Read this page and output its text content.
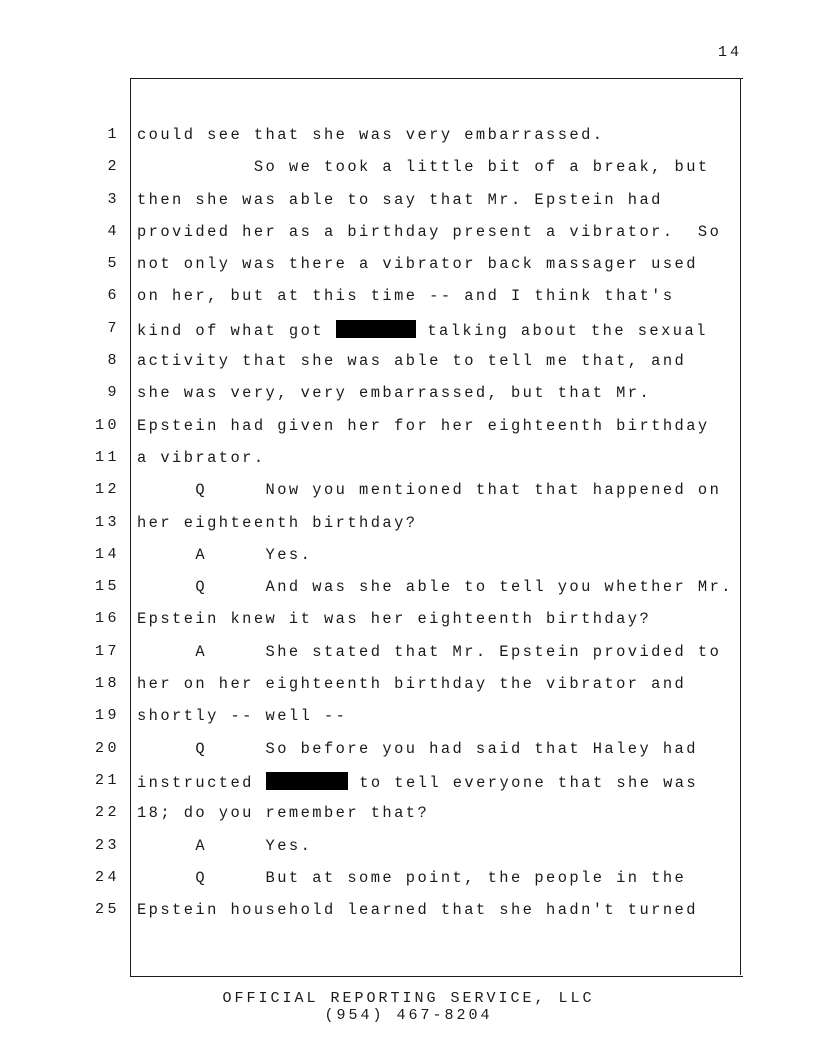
14
1 could see that she was very embarrassed.
2 So we took a little bit of a break, but
3 then she was able to say that Mr. Epstein had
4 provided her as a birthday present a vibrator.  So
5 not only was there a vibrator back massager used
6 on her, but at this time -- and I think that's
7 kind of what got	talking about the sexual
8 activity that she was able to tell me that, and
9 she was very, very embarrassed, but that Mr.
10 Epstein had given her for her eighteenth birthday
11 a vibrator.
12 Q     Now you mentioned that that happened on
13 her eighteenth birthday?
14 A     Yes.
15 Q     And was she able to tell you whether Mr.
16 Epstein knew it was her eighteenth birthday?
17 A     She stated that Mr. Epstein provided to
18 her on her eighteenth birthday the vibrator and
19 shortly -- well --
20 Q     So before you had said that Haley had
21 instructed	to tell everyone that she was
22 18; do you remember that?
23 A     Yes.
24 Q     But at some point, the people in the
25 Epstein household learned that she hadn't turned
OFFICIAL REPORTING SERVICE, LLC
(954) 467-8204
